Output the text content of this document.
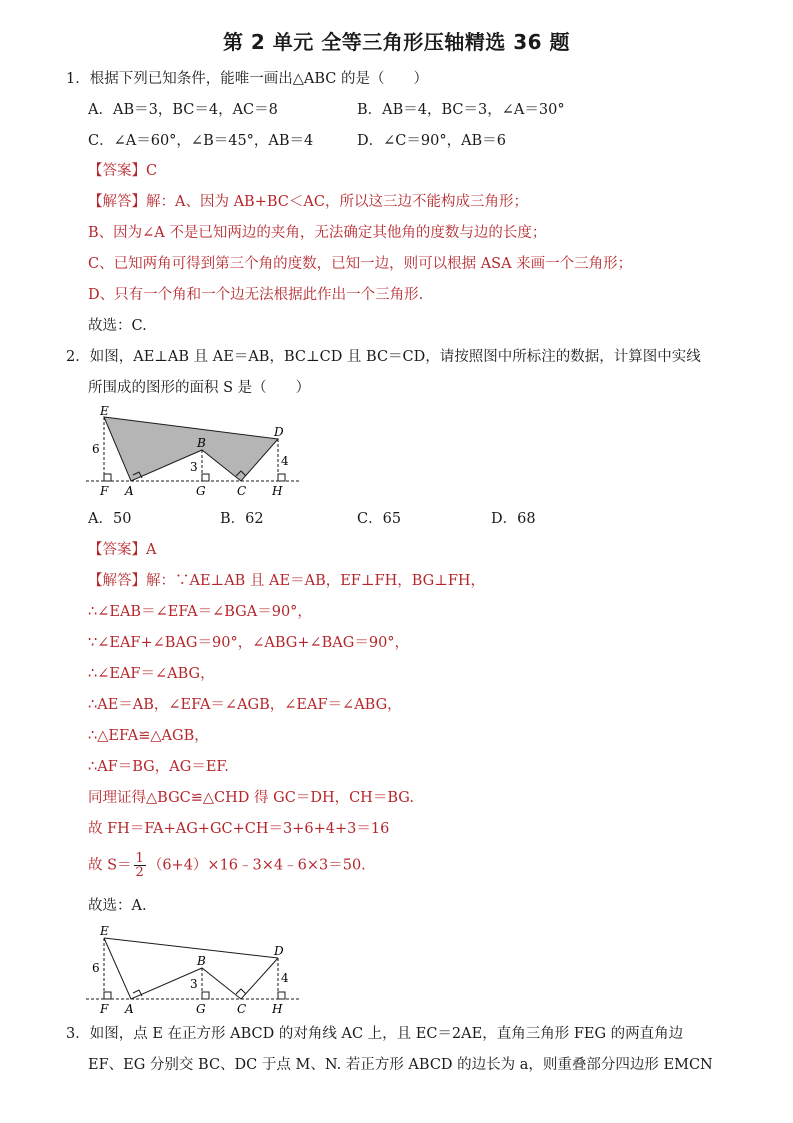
第 2 单元 全等三角形压轴精选 36 题
1．根据下列已知条件，能唯一画出△ABC 的是（　　）
A．AB＝3，BC＝4，AC＝8	B．AB＝4，BC＝3，∠A＝30°
C．∠A＝60°，∠B＝45°，AB＝4	D．∠C＝90°，AB＝6
【答案】C
【解答】解：A、因为 AB+BC＜AC，所以这三边不能构成三角形；
B、因为∠A 不是已知两边的夹角，无法确定其他角的度数与边的长度；
C、已知两角可得到第三个角的度数，已知一边，则可以根据 ASA 来画一个三角形；
D、只有一个角和一个边无法根据此作出一个三角形.
故选：C.
2．如图，AE⊥AB 且 AE＝AB，BC⊥CD 且 BC＝CD，请按照图中所标注的数据，计算图中实线
所围成的图形的面积 S 是（　　）
E
B
D
F A	G	C H
6
3	4
A．50	B．62	C．65	D．68
【答案】A
【解答】解：∵AE⊥AB 且 AE＝AB，EF⊥FH，BG⊥FH，
∴∠EAB＝∠EFA＝∠BGA＝90°，
∵∠EAF+∠BAG＝90°，∠ABG+∠BAG＝90°，
∴∠EAF＝∠ABG，
∴AE＝AB，∠EFA＝∠AGB，∠EAF＝∠ABG，
∴△EFA≌△AGB，
∴AF＝BG，AG＝EF.
同理证得△BGC≌△CHD 得 GC＝DH，CH＝BG.
故 FH＝FA+AG+GC+CH＝3+6+4+3＝16
故 $S= \frac{1}{2}$ （6+4）×16﹣3×4﹣6×3＝50.
故选：A.
E
B
D
F A	G	C H
6
3	4
3．如图，点 E 在正方形 ABCD 的对角线 AC 上，且 EC＝2AE，直角三角形 FEG 的两直角边
EF、EG 分别交 BC、DC 于点 M、N. 若正方形 ABCD 的边长为 a，则重叠部分四边形 EMCN
